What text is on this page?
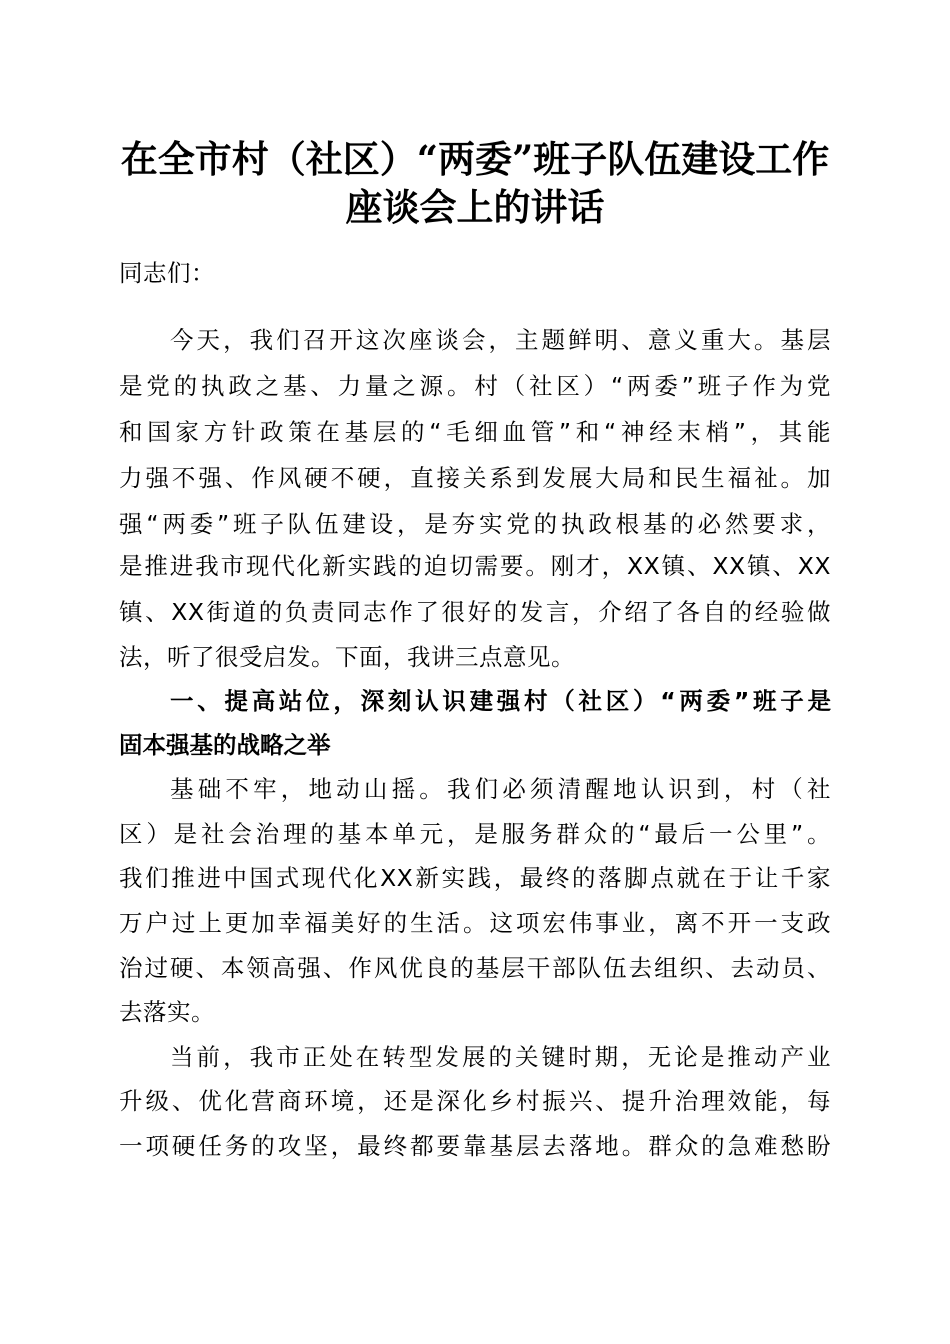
在全市村（社区）“两委”班子队伍建设工作
座谈会上的讲话
同志们：
今天，我们召开这次座谈会，主题鲜明、意义重大。基层
是党的执政之基、力量之源。村（社区）“两委”班子作为党
和国家方针政策在基层的“毛细血管”和“神经末梢”，其能
力强不强、作风硬不硬，直接关系到发展大局和民生福祉。加
强“两委”班子队伍建设，是夯实党的执政根基的必然要求，
是推进我市现代化新实践的迫切需要。刚才，XX镇、XX镇、XX
镇、XX街道的负责同志作了很好的发言，介绍了各自的经验做
法，听了很受启发。下面，我讲三点意见。
一、提高站位，深刻认识建强村（社区）“两委”班子是
固本强基的战略之举
基础不牢，地动山摇。我们必须清醒地认识到，村（社
区）是社会治理的基本单元，是服务群众的“最后一公里”。
我们推进中国式现代化XX新实践，最终的落脚点就在于让千家
万户过上更加幸福美好的生活。这项宏伟事业，离不开一支政
治过硬、本领高强、作风优良的基层干部队伍去组织、去动员、
去落实。
当前，我市正处在转型发展的关键时期，无论是推动产业
升级、优化营商环境，还是深化乡村振兴、提升治理效能，每
一项硬任务的攻坚，最终都要靠基层去落地。群众的急难愁盼
